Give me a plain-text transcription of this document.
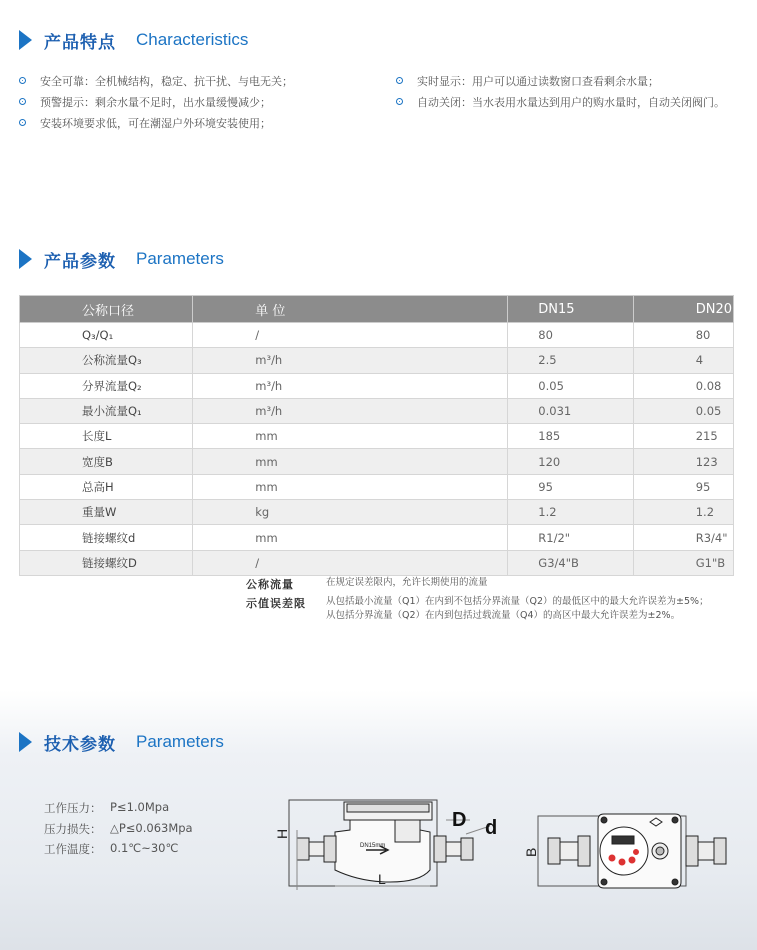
产品特点 Characteristics
安全可靠：全机械结构，稳定、抗干扰、与电无关；
预警提示：剩余水量不足时，出水量缓慢减少；
安装环境要求低，可在潮湿户外环境安装使用；
实时显示：用户可以通过读数窗口查看剩余水量；
自动关闭：当水表用水量达到用户的购水量时，自动关闭阀门。
产品参数 Parameters
公称口径	单 位	DN15	DN20
Q₃/Q₁	/	80	80
公称流量Q₃	m³/h	2.5	4
分界流量Q₂	m³/h	0.05	0.08
最小流量Q₁	m³/h	0.031	0.05
长度L	mm	185	215
宽度B	mm	120	123
总高H	mm	95	95
重量W	kg	1.2	1.2
链接螺纹d	mm	R1/2"	R3/4"
链接螺纹D	/	G3/4"B	G1"B
公称流量	在规定误差限内，允许长期使用的流量
示值误差限	从包括最小流量（Q1）在内到不包括分界流量（Q2）的最低区中的最大允许误差为±5%；
从包括分界流量（Q2）在内到包括过载流量（Q4）的高区中最大允许误差为±2%。
技术参数 Parameters
工作压力： P≤1.0Mpa
压力损失： △P≤0.063Mpa
工作温度： 0.1℃~30℃
H
D d
L
DN15mm
B
